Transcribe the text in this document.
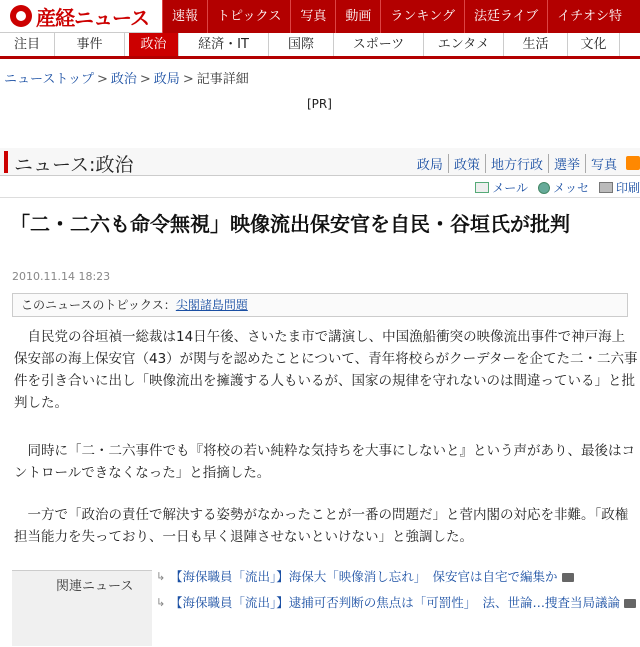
産経ニュース	速報	トピックス	写真	動画	ランキング	法廷ライブ	イチオシ特
注目	事件	政治	経済・IT	国際	スポーツ	エンタメ	生活	文化
ニューストップ > 政治 > 政局 > 記事詳細
[PR]
ニュース:政治	政局 政策 地方行政 選挙 写真
メール メッセ 印刷
「二・二六も命令無視」映像流出保安官を自民・谷垣氏が批判
2010.11.14 18:23
このニュースのトピックス：尖閣諸島問題

自民党の谷垣禎一総裁は14日午後、さいたま市で講演し、中国漁船衝突の映像流出事件で神戸海上保安部の海上保安官（43）が関与を認めたことについて、青年将校らがクーデターを企てた二・二六事件を引き合いに出し「映像流出を擁護する人もいるが、国家の規律を守れないのは間違っている」と批判した。

同時に「二・二六事件でも『将校の若い純粋な気持ちを大事にしないと』という声があり、最後はコントロールできなくなった」と指摘した。

一方で「政治の責任で解決する姿勢がなかったことが一番の問題だ」と菅内閣の対応を非難。「政権担当能力を失っており、一日も早く退陣させないといけない」と強調した。

関連ニュース
↳ 【海保職員「流出」】海保大「映像消し忘れ」　保安官は自宅で編集か
↳ 【海保職員「流出」】逮捕可否判断の焦点は「可罰性」　法、世論…捜査当局議論
